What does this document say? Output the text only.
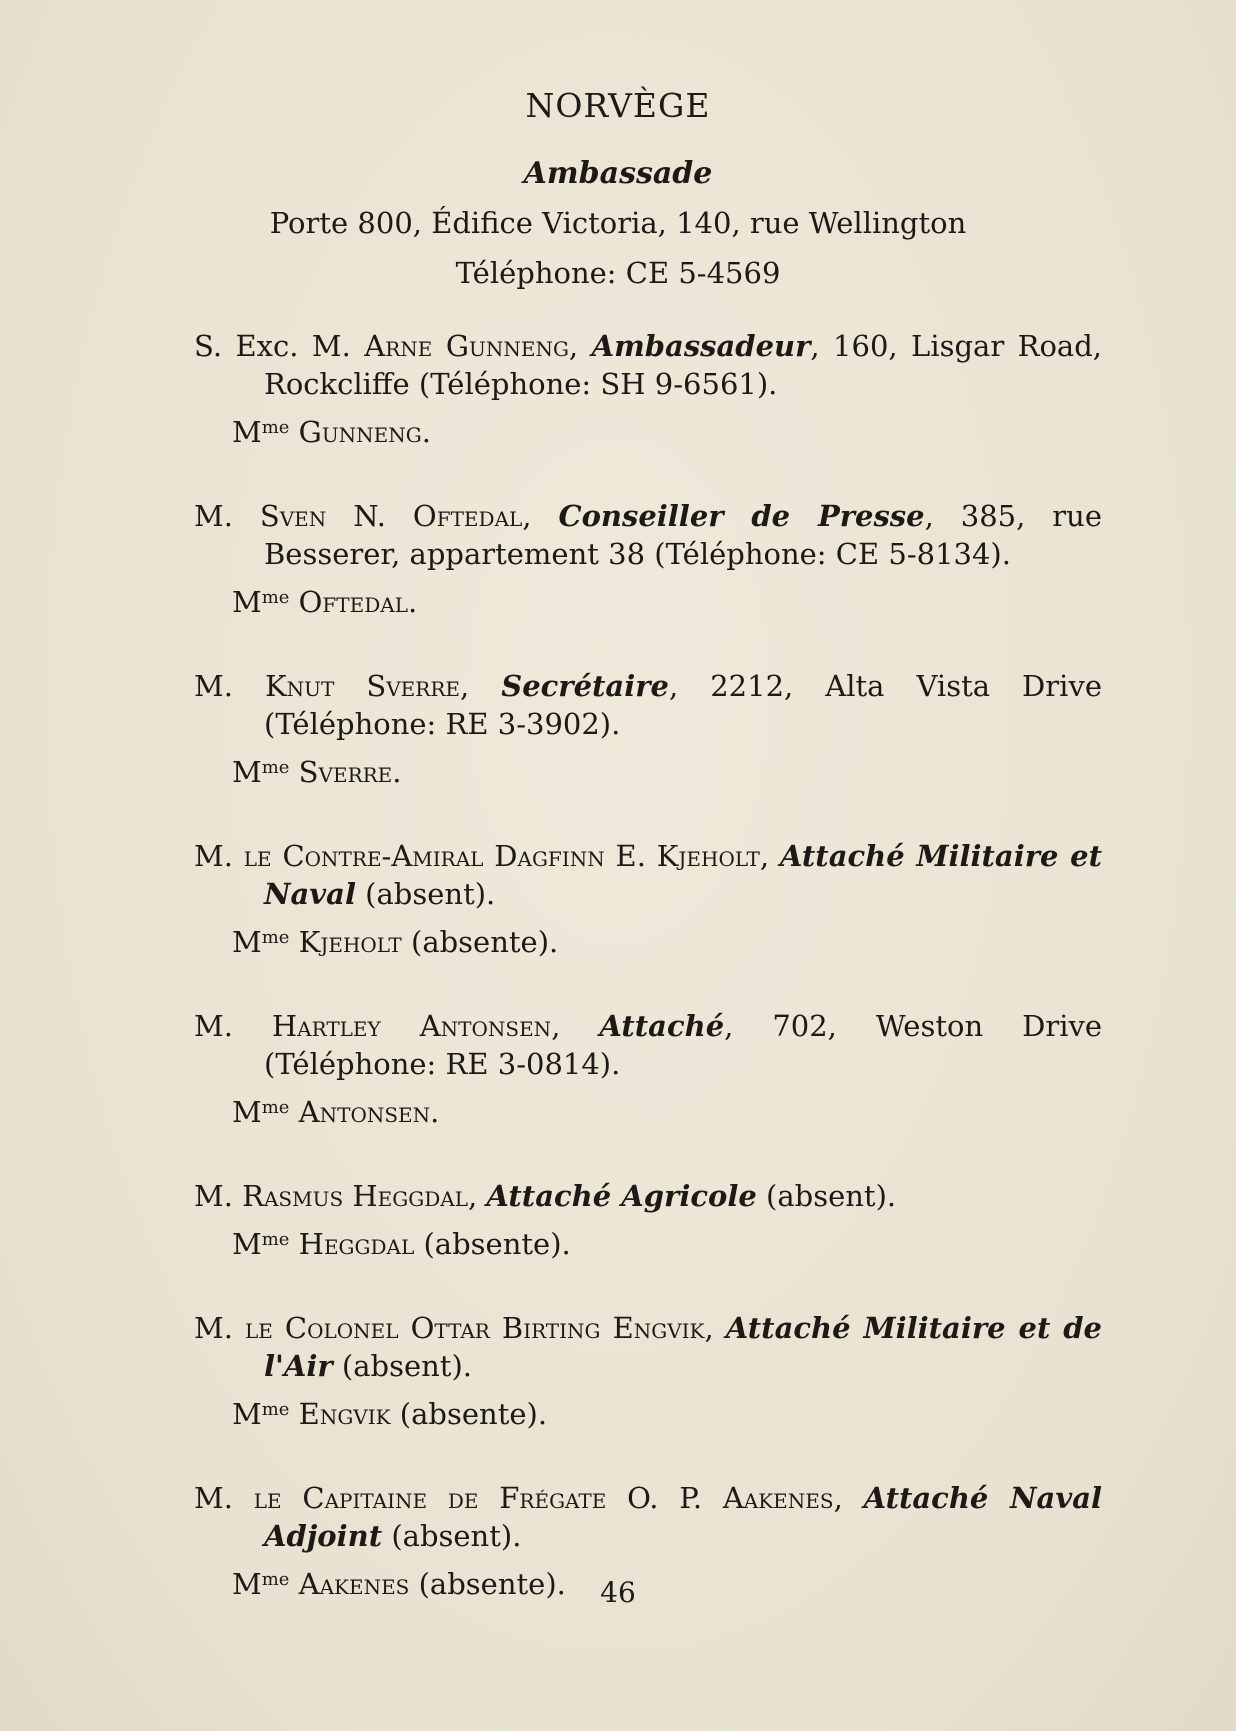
NORVÈGE
Ambassade
Porte 800, Édifice Victoria, 140, rue Wellington
Téléphone: CE 5-4569
S. Exc. M. Arne Gunneng, Ambassadeur, 160, Lisgar Road, Rockcliffe (Téléphone: SH 9-6561).
$M^{me}$ Gunneng.
M. Sven N. Oftedal, Conseiller de Presse, 385, rue Besserer, appartement 38 (Téléphone: CE 5-8134).
$M^{me}$ Oftedal.
M. Knut Sverre, Secrétaire, 2212, Alta Vista Drive (Téléphone: RE 3-3902).
$M^{me}$ Sverre.
M. le Contre-Amiral Dagfinn E. Kjeholt, Attaché Militaire et Naval (absent).
$M^{me}$ Kjeholt (absente).
M. Hartley Antonsen, Attaché, 702, Weston Drive (Téléphone: RE 3-0814).
$M^{me}$ Antonsen.
M. Rasmus Heggdal, Attaché Agricole (absent).
$M^{me}$ Heggdal (absente).
M. le Colonel Ottar Birting Engvik, Attaché Militaire et de l'Air (absent).
$M^{me}$ Engvik (absente).
M. le Capitaine de Frégate O. P. Aakenes, Attaché Naval Adjoint (absent).
$M^{me}$ Aakenes (absente).	46
